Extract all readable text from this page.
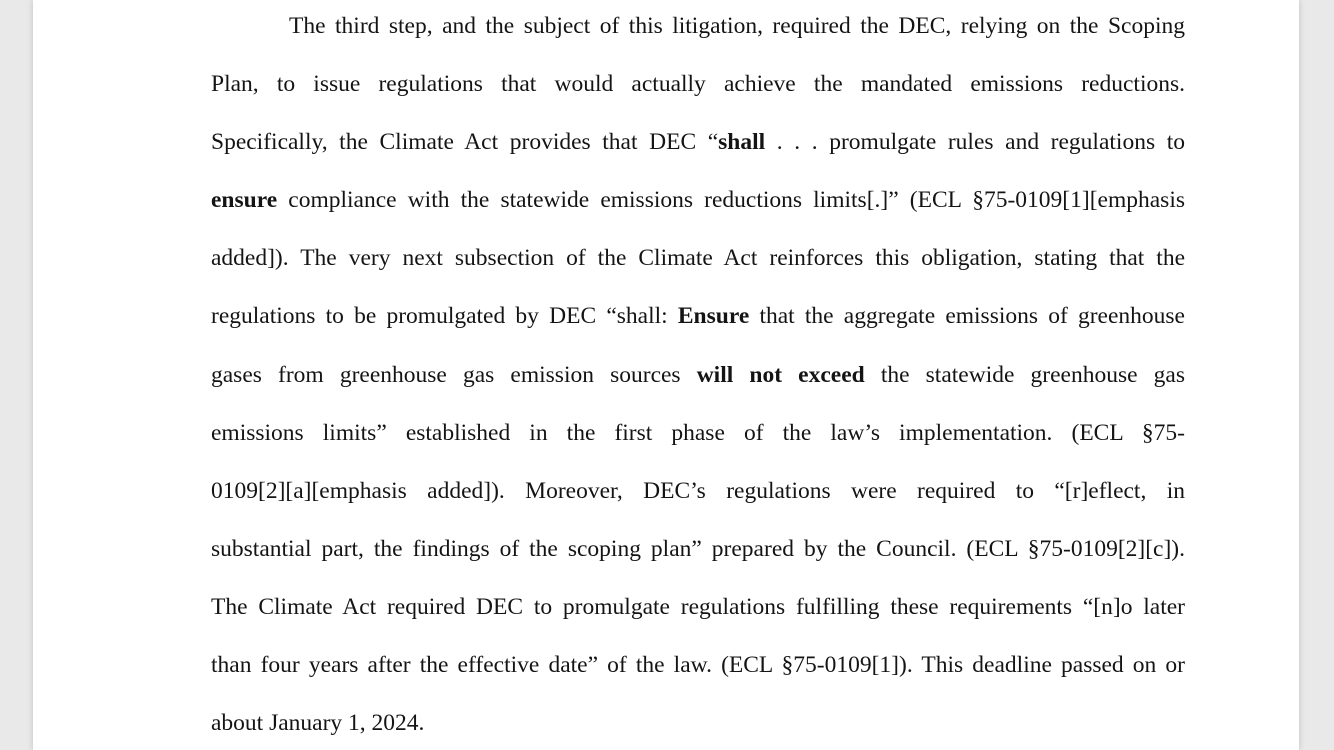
The third step, and the subject of this litigation, required the DEC, relying on the Scoping
Plan, to issue regulations that would actually achieve the mandated emissions reductions.
Specifically, the Climate Act provides that DEC “shall . . . promulgate rules and regulations to
ensure compliance with the statewide emissions reductions limits[.]” (ECL §75-0109[1][emphasis
added]). The very next subsection of the Climate Act reinforces this obligation, stating that the
regulations to be promulgated by DEC “shall: Ensure that the aggregate emissions of greenhouse
gases from greenhouse gas emission sources will not exceed the statewide greenhouse gas
emissions limits” established in the first phase of the law’s implementation. (ECL §75-
0109[2][a][emphasis added]). Moreover, DEC’s regulations were required to “[r]eflect, in
substantial part, the findings of the scoping plan” prepared by the Council. (ECL §75-0109[2][c]).
The Climate Act required DEC to promulgate regulations fulfilling these requirements “[n]o later
than four years after the effective date” of the law. (ECL §75-0109[1]). This deadline passed on or
about January 1, 2024.
